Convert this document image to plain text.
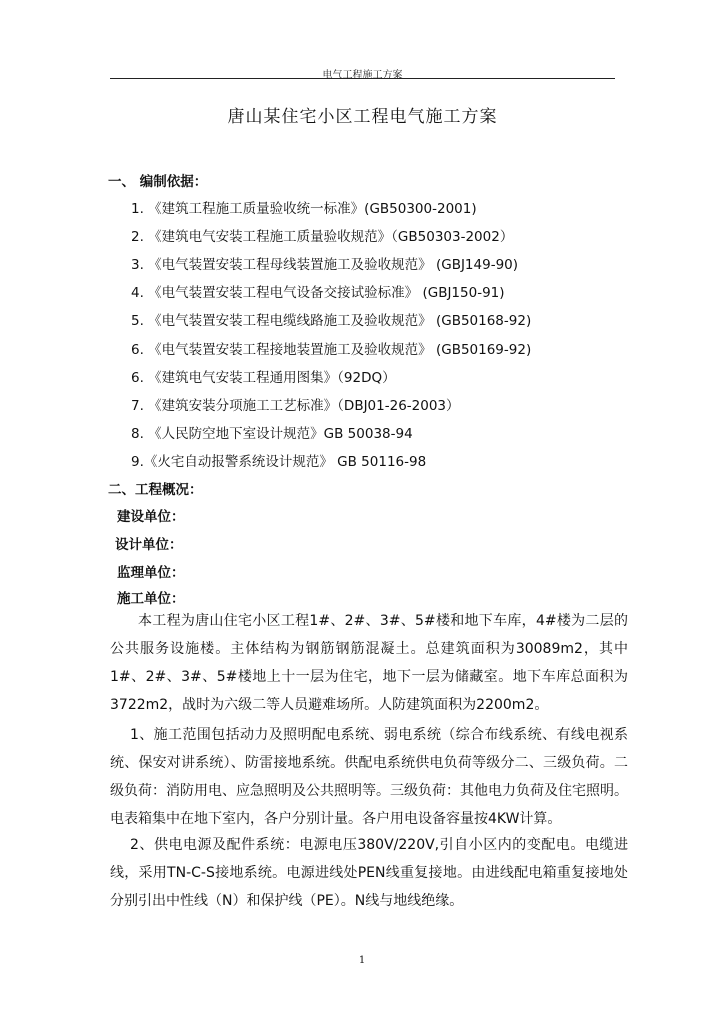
电气工程施工方案
唐山某住宅小区工程电气施工方案
一、 编制依据：
1. 《建筑工程施工质量验收统一标准》(GB50300-2001)
2. 《建筑电气安装工程施工质量验收规范》（GB50303-2002）
3. 《电气装置安装工程母线装置施工及验收规范》 (GBJ149-90)
4. 《电气装置安装工程电气设备交接试验标准》 (GBJ150-91)
5. 《电气装置安装工程电缆线路施工及验收规范》 (GB50168-92)
6. 《电气装置安装工程接地装置施工及验收规范》 (GB50169-92)
6. 《建筑电气安装工程通用图集》（92DQ）
7. 《建筑安装分项施工工艺标准》（DBJ01-26-2003）
8. 《人民防空地下室设计规范》GB 50038-94
9.《火宅自动报警系统设计规范》 GB 50116-98
二、工程概况：
建设单位：
设计单位：
监理单位：
施工单位：

本工程为唐山住宅小区工程1#、2#、3#、5#楼和地下车库，4#楼为二层的公共服务设施楼。主体结构为钢筋钢筋混凝土。总建筑面积为30089m2，其中1#、2#、3#、5#楼地上十一层为住宅，地下一层为储藏室。地下车库总面积为3722m2，战时为六级二等人员避难场所。人防建筑面积为2200m2。

1、施工范围包括动力及照明配电系统、弱电系统（综合布线系统、有线电视系统、保安对讲系统）、防雷接地系统。供配电系统供电负荷等级分二、三级负荷。二级负荷：消防用电、应急照明及公共照明等。三级负荷：其他电力负荷及住宅照明。电表箱集中在地下室内，各户分别计量。各户用电设备容量按4KW计算。

2、供电电源及配件系统：电源电压380V/220V,引自小区内的变配电。电缆进线，采用TN-C-S接地系统。电源进线处PEN线重复接地。由进线配电箱重复接地处分别引出中性线（N）和保护线（PE）。N线与地线绝缘。

1
